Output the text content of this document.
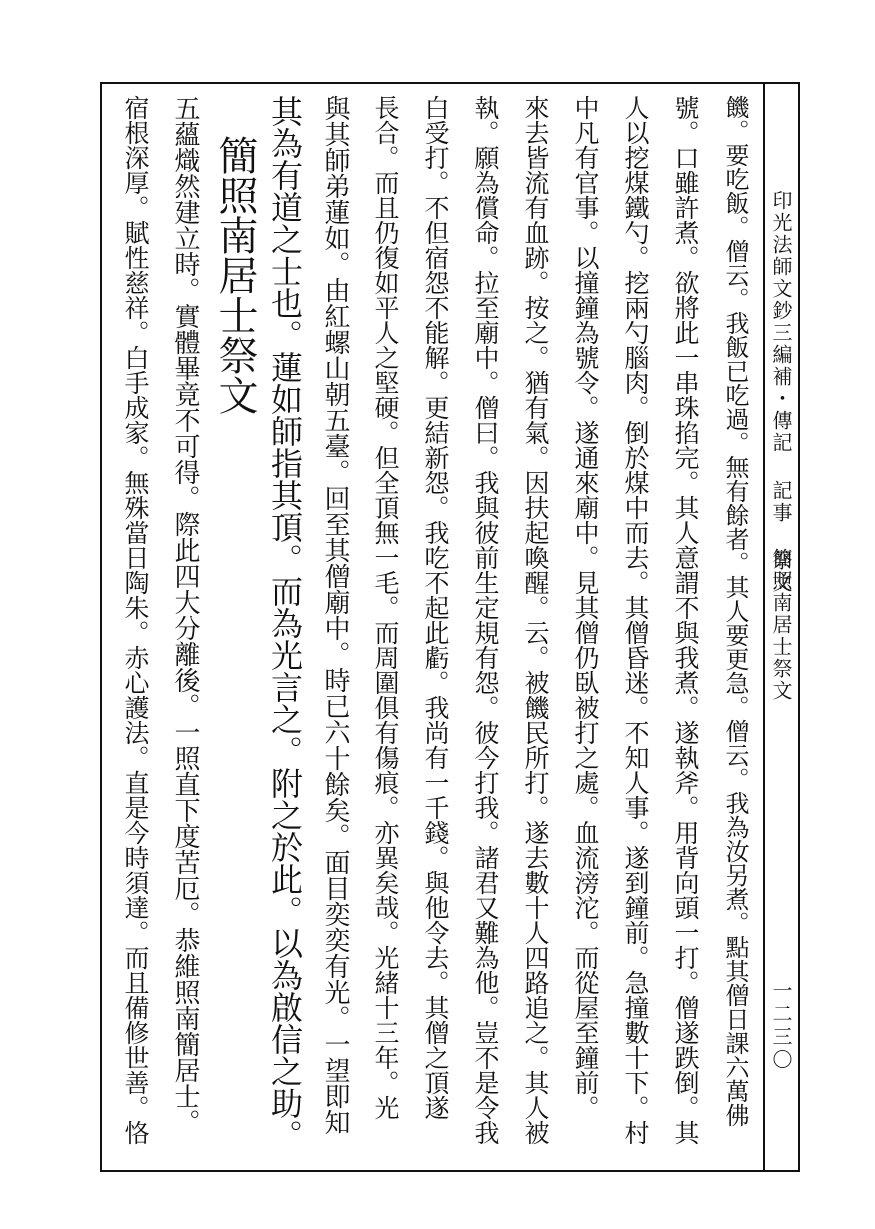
印光法師文鈔三編補・傳記 記事 祭文
簡照南居士祭文
一二三〇
饑。要吃飯。僧云。我飯已吃過。無有餘者。其人要更急。僧云。我為汝另煮。點其僧日課六萬佛
號。口雖許煮。欲將此一串珠掐完。其人意謂不與我煮。遂執斧。用背向頭一打。僧遂跌倒。其
人以挖煤鐵勺。挖兩勺腦肉。倒於煤中而去。其僧昏迷。不知人事。遂到鐘前。急撞數十下。村
中凡有官事。以撞鐘為號令。遂通來廟中。見其僧仍臥被打之處。血流滂沱。而從屋至鐘前。
來去皆流有血跡。按之。猶有氣。因扶起喚醒。云。被饑民所打。遂去數十人四路追之。其人被
執。願為償命。拉至廟中。僧曰。我與彼前生定規有怨。彼今打我。諸君又難為他。豈不是令我
白受打。不但宿怨不能解。更結新怨。我吃不起此虧。我尚有一千錢。與他令去。其僧之頂遂
長合。而且仍復如平人之堅硬。但全頂無一毛。而周圍俱有傷痕。亦異矣哉。光緒十三年。光
與其師弟蓮如。由紅螺山朝五臺。回至其僧廟中。時已六十餘矣。面目奕奕有光。一望即知
其為有道之士也。蓮如師指其頂。而為光言之。附之於此。以為啟信之助。
簡照南居士祭文
五蘊熾然建立時。實體畢竟不可得。際此四大分離後。一照直下度苦厄。恭維照南簡居士。
宿根深厚。賦性慈祥。白手成家。無殊當日陶朱。赤心護法。直是今時須達。而且備修世善。恪
